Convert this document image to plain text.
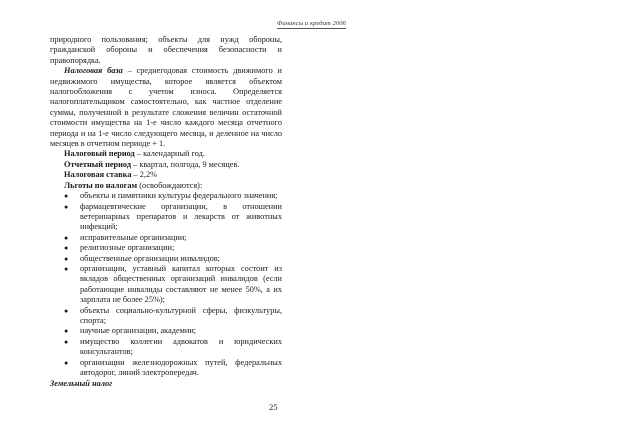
Финансы и кредит 2006

природного пользования; объекты для нужд обороны, гражданской обороны и обеспечения безопасности и правопорядка.

Налоговая база – среднегодовая стоимость движимого и недвижимого имущества, которое является объектом налогообложения с учетом износа. Определяется налогоплательщиком самостоятельно, как частное отделение суммы, полученной в результате сложения величин остаточной стоимости имущества на 1-е число каждого месяца отчетного периода и на 1-е число следующего месяца, и деленное на число месяцев в отчетном периоде + 1.

Налоговый период – календарный год.

Отчетный период – квартал, полгода, 9 месяцев.

Налоговая ставка – 2,2%

Льготы по налогам (освобождаются):

● объекты и памятники культуры федерального значения;
● фармацевтические организации, в отношении ветеринарных препаратов и лекарств от животных инфекций;
● исправительные организации;
● религиозные организации;
● общественные организации инвалидов;
● организации, уставный капитал которых состоит из вкладов общественных организаций инвалидов (если работающие инвалиды составляют не менее 50%, а их зарплата не более 25%);
● объекты социально-культурной сферы, физкультуры, спорта;
● научные организации, академии;
● имущество коллегии адвокатов и юридических консультантов;
● организации железнодорожных путей, федеральных автодорог, линий электропередач.

Земельный налог

25
